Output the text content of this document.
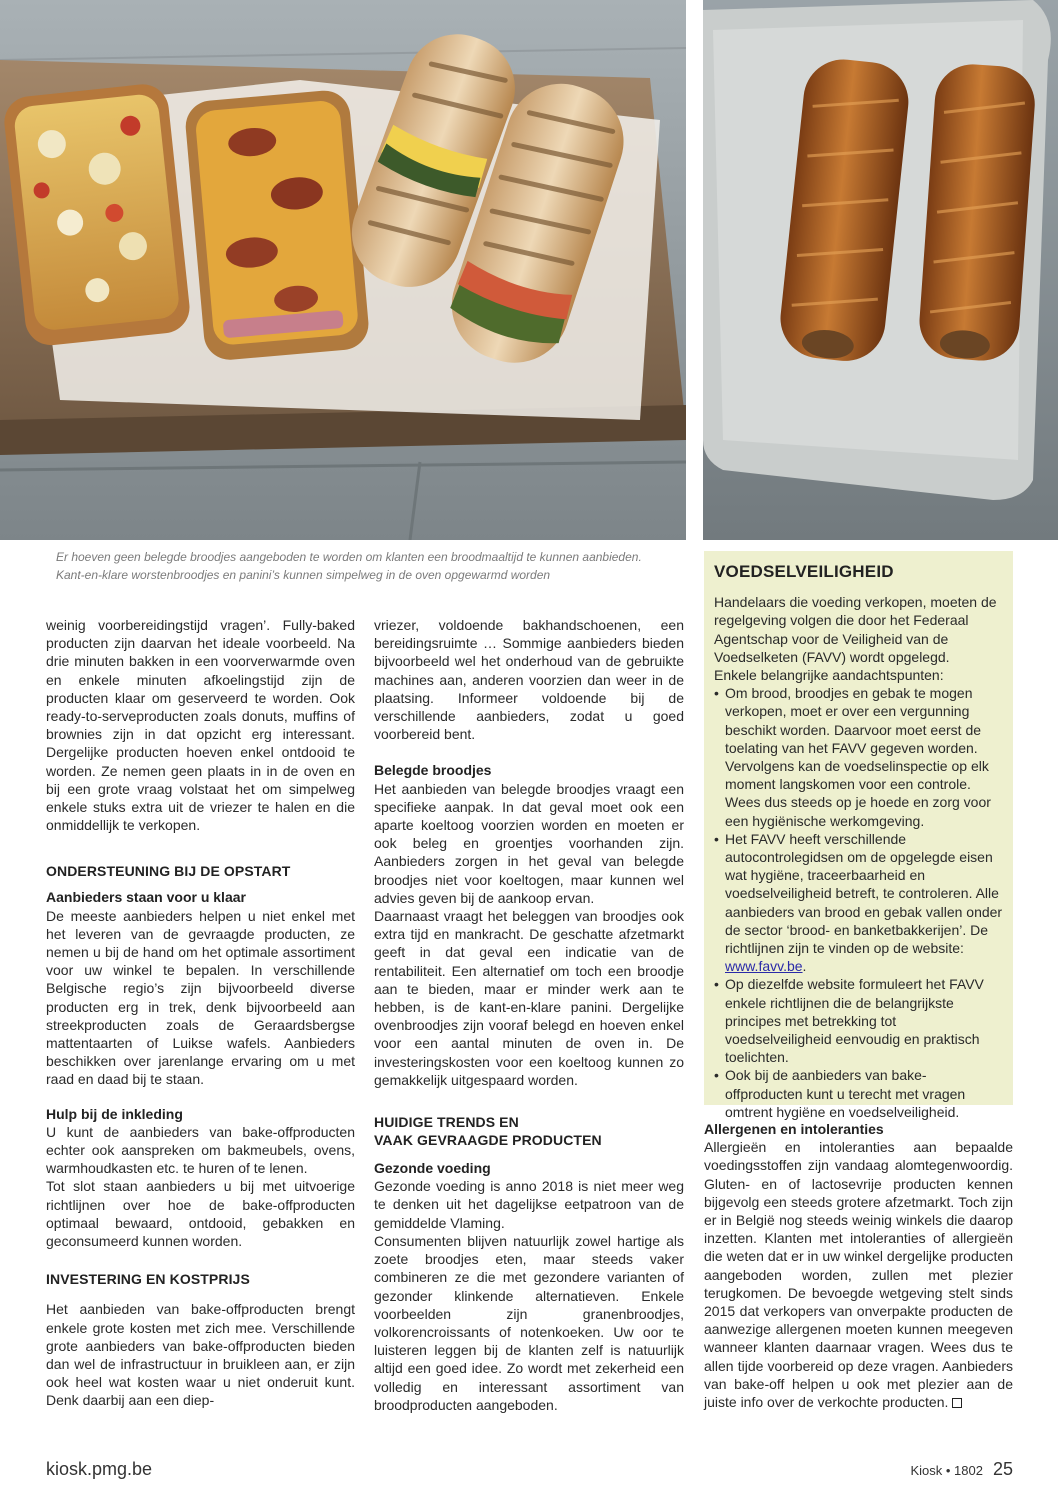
Er hoeven geen belegde broodjes aangeboden te worden om klanten een broodmaaltijd te kunnen aanbieden.
Kant-en-klare worstenbroodjes en panini’s kunnen simpelweg in de oven opgewarmd worden

weinig voorbereidingstijd vragen’. Fully-baked producten zijn daarvan het ideale voorbeeld. Na drie minuten bakken in een voorverwarmde oven en enkele minuten afkoelingstijd zijn de producten klaar om geserveerd te worden. Ook ready-to-serveproducten zoals donuts, muffins of brownies zijn in dat opzicht erg interessant. Dergelijke producten hoeven enkel ontdooid te worden. Ze nemen geen plaats in in de oven en bij een grote vraag volstaat het om simpelweg enkele stuks extra uit de vriezer te halen en die onmiddellijk te verkopen.

ONDERSTEUNING BIJ DE OPSTART
Aanbieders staan voor u klaar

De meeste aanbieders helpen u niet enkel met het leveren van de gevraagde producten, ze nemen u bij de hand om het optimale assortiment voor uw winkel te bepalen. In verschillende Belgische regio’s zijn bijvoorbeeld diverse producten erg in trek, denk bijvoorbeeld aan streekproducten zoals de Geraardsbergse mattentaarten of Luikse wafels. Aanbieders beschikken over jarenlange ervaring om u met raad en daad bij te staan.

Hulp bij de inkleding

U kunt de aanbieders van bake-offproducten echter ook aanspreken om bakmeubels, ovens, warmhoudkasten etc. te huren of te lenen.

Tot slot staan aanbieders u bij met uitvoerige richtlijnen over hoe de bake-offproducten optimaal bewaard, ontdooid, gebakken en geconsumeerd kunnen worden.

INVESTERING EN KOSTPRIJS

Het aanbieden van bake-offproducten brengt enkele grote kosten met zich mee. Verschillende grote aanbieders van bake-offproducten bieden dan wel de infrastructuur in bruikleen aan, er zijn ook heel wat kosten waar u niet onderuit kunt. Denk daarbij aan een diep-

vriezer, voldoende bakhandschoenen, een bereidingsruimte … Sommige aanbieders bieden bijvoorbeeld wel het onderhoud van de gebruikte machines aan, anderen voorzien dan weer in de plaatsing. Informeer voldoende bij de verschillende aanbieders, zodat u goed voorbereid bent.

Belegde broodjes

Het aanbieden van belegde broodjes vraagt een specifieke aanpak. In dat geval moet ook een aparte koeltoog voorzien worden en moeten er ook beleg en groentjes voorhanden zijn. Aanbieders zorgen in het geval van belegde broodjes niet voor koeltogen, maar kunnen wel advies geven bij de aankoop ervan.

Daarnaast vraagt het beleggen van broodjes ook extra tijd en mankracht. De geschatte afzetmarkt geeft in dat geval een indicatie van de rentabiliteit. Een alternatief om toch een broodje aan te bieden, maar er minder werk aan te hebben, is de kant-en-klare panini. Dergelijke ovenbroodjes zijn vooraf belegd en hoeven enkel voor een aantal minuten de oven in. De investeringskosten voor een koeltoog kunnen zo gemakkelijk uitgespaard worden.

HUIDIGE TRENDS EN
VAAK GEVRAAGDE PRODUCTEN
Gezonde voeding

Gezonde voeding is anno 2018 is niet meer weg te denken uit het dagelijkse eetpatroon van de gemiddelde Vlaming.

Consumenten blijven natuurlijk zowel hartige als zoete broodjes eten, maar steeds vaker combineren ze die met gezondere varianten of gezonder klinkende alternatieven. Enkele voorbeelden zijn granenbroodjes, volkorencroissants of notenkoeken. Uw oor te luisteren leggen bij de klanten zelf is natuurlijk altijd een goed idee. Zo wordt met zekerheid een volledig en interessant assortiment van broodproducten aangeboden.

VOEDSELVEILIGHEID

Handelaars die voeding verkopen, moeten de regelgeving volgen die door het Federaal Agentschap voor de Veiligheid van de Voedselketen (FAVV) wordt opgelegd.

Enkele belangrijke aandachtspunten:

• Om brood, broodjes en gebak te mogen verkopen, moet er over een vergunning beschikt worden. Daarvoor moet eerst de toelating van het FAVV gegeven worden. Vervolgens kan de voedselinspectie op elk moment langskomen voor een controle. Wees dus steeds op je hoede en zorg voor een hygiënische werkomgeving.
• Het FAVV heeft verschillende autocontrolegidsen om de opgelegde eisen wat hygiëne, traceerbaarheid en voedselveiligheid betreft, te controleren. Alle aanbieders van brood en gebak vallen onder de sector ‘brood- en banketbakkerijen’. De richtlijnen zijn te vinden op de website: www.favv.be.
• Op diezelfde website formuleert het FAVV enkele richtlijnen die de belangrijkste principes met betrekking tot voedselveiligheid eenvoudig en praktisch toelichten.
• Ook bij de aanbieders van bake-offproducten kunt u terecht met vragen omtrent hygiëne en voedselveiligheid.
Allergenen en intoleranties

Allergieën en intoleranties aan bepaalde voedingsstoffen zijn vandaag alomtegenwoordig. Gluten- en of lactosevrije producten kennen bijgevolg een steeds grotere afzetmarkt. Toch zijn er in België nog steeds weinig winkels die daarop inzetten. Klanten met intoleranties of allergieën die weten dat er in uw winkel dergelijke producten aangeboden worden, zullen met plezier terugkomen. De bevoegde wetgeving stelt sinds 2015 dat verkopers van onverpakte producten de aanwezige allergenen moeten kunnen meegeven wanneer klanten daarnaar vragen. Wees dus te allen tijde voorbereid op deze vragen. Aanbieders van bake-off helpen u ook met plezier aan de juiste info over de verkochte producten.

kiosk.pmg.be	Kiosk • 1802 25
